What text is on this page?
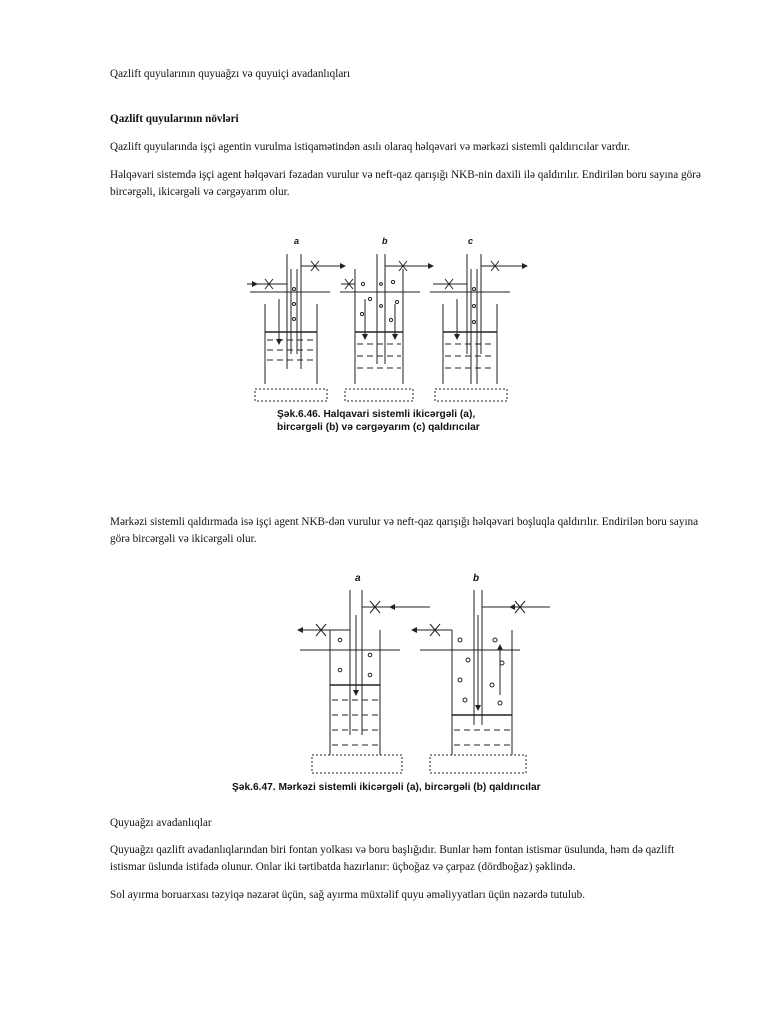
Qazlift quyularının quyuağzı və quyuiçi avadanlıqları

Qazlift quyularının növləri

Qazlift quyularında işçi agentin vurulma istiqamətindən asılı olaraq həlqəvari və mərkəzi sistemli qaldırıcılar vardır.

Həlqəvari sistemdə işçi agent həlqəvari fəzadan vurulur və neft-qaz qarışığı NKB-nin daxili ilə qaldırılır. Endirilən boru sayına görə bircərgəli, ikicərgəli və cərgəyarım olur.

a	b	c
Şək.6.46. Halqavari sistemli ikicərgəli (a),
bircərgəli (b) və cərgəyarım (c) qaldırıcılar

Mərkəzi sistemli qaldırmada isə işçi agent NKB-dən vurulur və neft-qaz qarışığı həlqəvari boşluqla qaldırılır. Endirilən boru sayına görə bircərgəli və ikicərgəli olur.

a	b
Şək.6.47. Mərkəzi sistemli ikicərgəli (a), bircərgəli (b) qaldırıcılar

Quyuağzı avadanlıqlar

Quyuağzı qazlift avadanlıqlarından biri fontan yolkası və boru başlığıdır. Bunlar həm fontan istismar üsulunda, həm də qazlift istismar üslunda istifadə olunur. Onlar iki tərtibatda hazırlanır: üçboğaz və çarpaz (dördboğaz) şəklində.

Sol ayırma boruarxası təzyiqə nəzarət üçün, sağ ayırma müxtəlif quyu əməliyyatları üçün nəzərdə tutulub.
